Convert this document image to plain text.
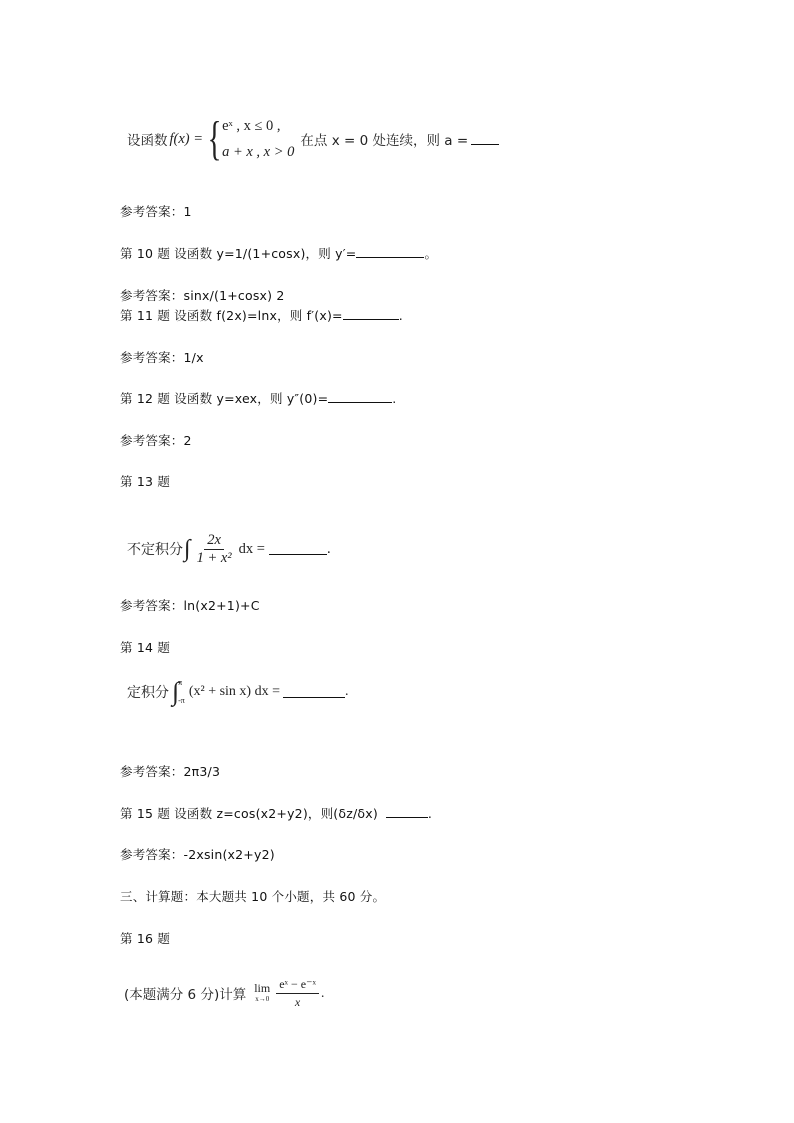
设函数 f(x) = { eˣ , x ≤ 0 ,
a + x , x > 0
在点 x = 0 处连续，则 a =
参考答案：1
第 10 题 设函数 y=1/(1+cosx)，则 y′=	。
参考答案：sinx/(1+cosx) 2
第 11 题 设函数 f(2x)=lnx，则 f′(x)=	.
参考答案：1/x
第 12 题 设函数 y=xex，则 y″(0)=	.
参考答案：2
第 13 题
不定积分 ∫ $\frac{2x}{\text{1 + x²}}$ dx =	.
参考答案：ln(x2+1)+C
第 14 题
定积分 ∫ π
-π
(x² + sin x) dx =	.
参考答案：2π3/3
第 15 题 设函数 z=cos(x2+y2)，则(δz/δx)	.
参考答案：-2xsin(x2+y2)
三、计算题：本大题共 10 个小题，共 60 分。
第 16 题
(本题满分 6 分)计算 lim
$x\to 0 \frac{\text{eˣ − e⁻ˣ}}{x}$ .
